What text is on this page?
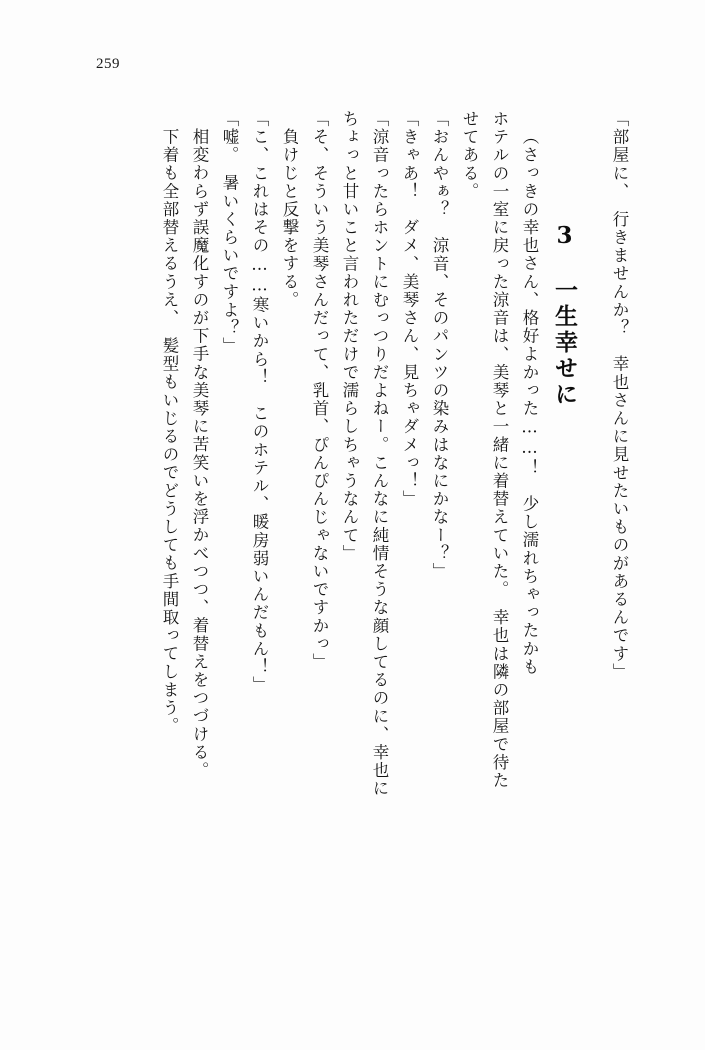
259
「部屋に、　行きませんか？　幸也さんに見せたいものがあるんです」
3　一生幸せに
（さっきの幸也さん、格好よかった……！　少し濡れちゃったかも
ホテルの一室に戻った涼音は、美琴と一緒に着替えていた。　幸也は隣の部屋で待た
せてある。
「おんやぁ？　涼音、そのパンツの染みはなにかなー？」
「きゃあ！　ダメ、美琴さん、見ちゃダメっ！」
「涼音ったらホントにむっつりだよねー。こんなに純情そうな顔してるのに、幸也に
ちょっと甘いこと言われただけで濡らしちゃうなんて」
「そ、そういう美琴さんだって、乳首、ぴんぴんじゃないですかっ」
負けじと反撃をする。
「こ、これはその……寒いから！　このホテル、暖房弱いんだもん！」
「嘘。　暑いくらいですよ？」
相変わらず誤魔化すのが下手な美琴に苦笑いを浮かべつつ、着替えをつづける。
下着も全部替えるうえ、　髪型もいじるのでどうしても手間取ってしまう。
